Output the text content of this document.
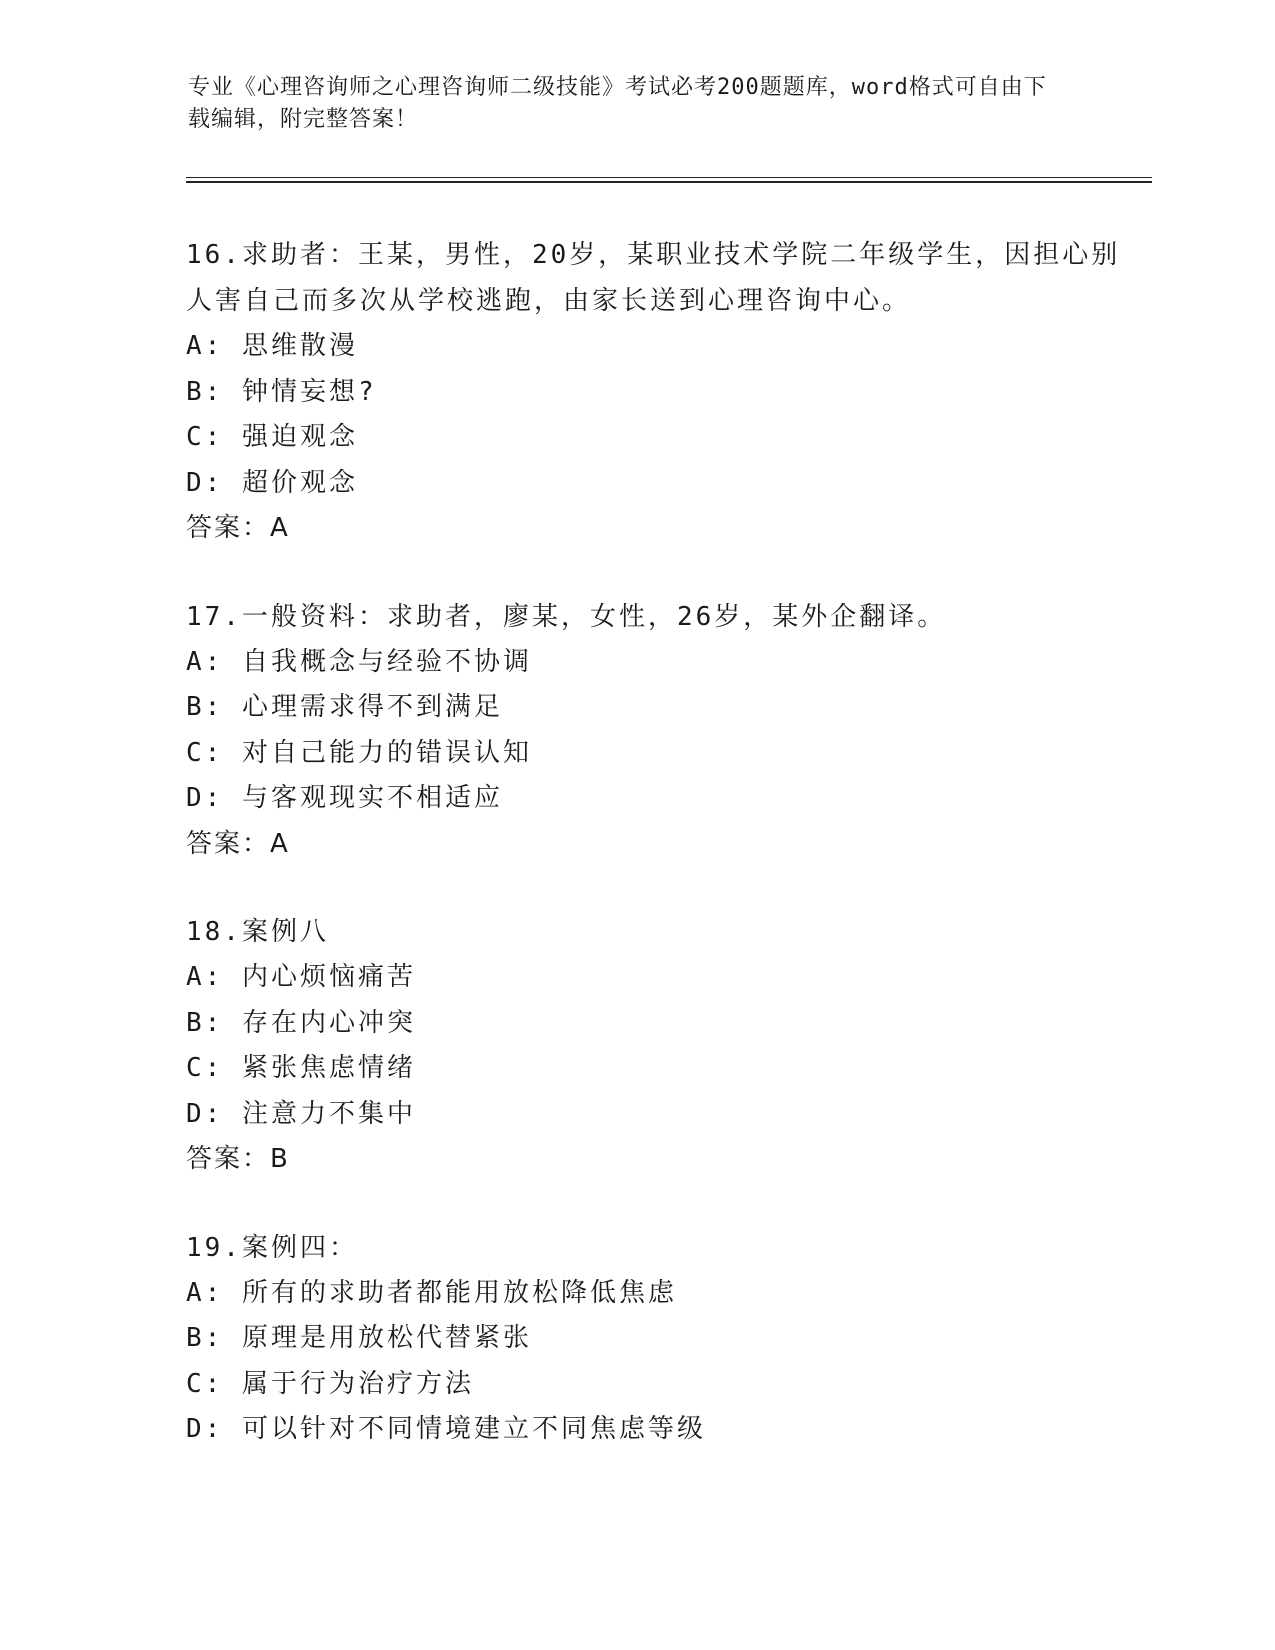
专业《心理咨询师之心理咨询师二级技能》考试必考200题题库，word格式可自由下载编辑，附完整答案！

16.求助者：王某，男性，20岁，某职业技术学院二年级学生，因担心别人害自己而多次从学校逃跑，由家长送到心理咨询中心。

A: 思维散漫

B: 钟情妄想?

C: 强迫观念

D: 超价观念

答案：A

17.一般资料：求助者，廖某，女性，26岁，某外企翻译。

A: 自我概念与经验不协调

B: 心理需求得不到满足

C: 对自己能力的错误认知

D: 与客观现实不相适应

答案：A

18.案例八

A: 内心烦恼痛苦

B: 存在内心冲突

C: 紧张焦虑情绪

D: 注意力不集中

答案：B

19.案例四：

A: 所有的求助者都能用放松降低焦虑

B: 原理是用放松代替紧张

C: 属于行为治疗方法

D: 可以针对不同情境建立不同焦虑等级
